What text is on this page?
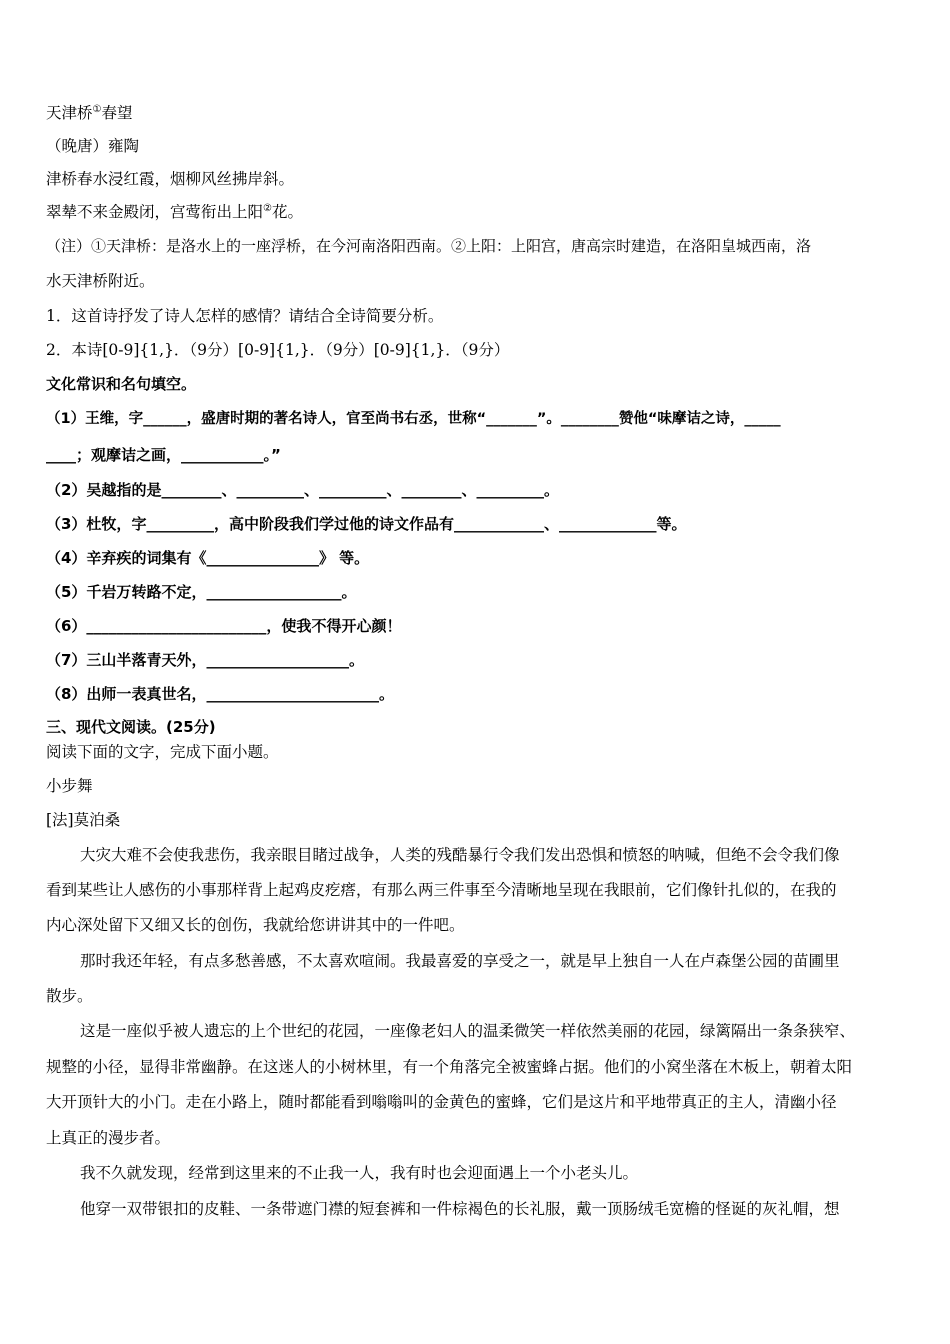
天津桥①春望
（晚唐）雍陶
津桥春水浸红霞，烟柳风丝拂岸斜。
翠辇不来金殿闭，宫莺衔出上阳②花。
（注）①天津桥：是洛水上的一座浮桥，在今河南洛阳西南。②上阳：上阳宫，唐高宗时建造，在洛阳皇城西南，洛
水天津桥附近。
1．这首诗抒发了诗人怎样的感情？请结合全诗简要分析。
2．本诗[0-9]{1,}．（9分）[0-9]{1,}．（9分）[0-9]{1,}．（9分）
文化常识和名句填空。
（1）王维，字______，盛唐时期的著名诗人，官至尚书右丞，世称“_______”。________赞他“味摩诘之诗，_____
____；观摩诘之画，___________。”
（2）吴越指的是________、_________、_________、________、_________。
（3）杜牧，字_________，高中阶段我们学过他的诗文作品有____________、_____________等。
（4）辛弃疾的词集有《_______________》 等。
（5）千岩万转路不定，__________________。
（6）________________________，使我不得开心颜！
（7）三山半落青天外，___________________。
（8）出师一表真世名，_______________________。
三、现代文阅读。(25分)
阅读下面的文字，完成下面小题。
小步舞
[法]莫泊桑
大灾大难不会使我悲伤，我亲眼目睹过战争，人类的残酷暴行令我们发出恐惧和愤怒的呐喊，但绝不会令我们像
看到某些让人感伤的小事那样背上起鸡皮疙瘩，有那么两三件事至今清晰地呈现在我眼前，它们像针扎似的，在我的
内心深处留下又细又长的创伤，我就给您讲讲其中的一件吧。
那时我还年轻，有点多愁善感，不太喜欢喧闹。我最喜爱的享受之一，就是早上独自一人在卢森堡公园的苗圃里
散步。
这是一座似乎被人遗忘的上个世纪的花园，一座像老妇人的温柔微笑一样依然美丽的花园，绿篱隔出一条条狭窄、
规整的小径，显得非常幽静。在这迷人的小树林里，有一个角落完全被蜜蜂占据。他们的小窝坐落在木板上，朝着太阳
大开顶针大的小门。走在小路上，随时都能看到嗡嗡叫的金黄色的蜜蜂，它们是这片和平地带真正的主人，清幽小径
上真正的漫步者。
我不久就发现，经常到这里来的不止我一人，我有时也会迎面遇上一个小老头儿。
他穿一双带银扣的皮鞋、一条带遮门襟的短套裤和一件棕褐色的长礼服，戴一顶肠绒毛宽檐的怪诞的灰礼帽，想
